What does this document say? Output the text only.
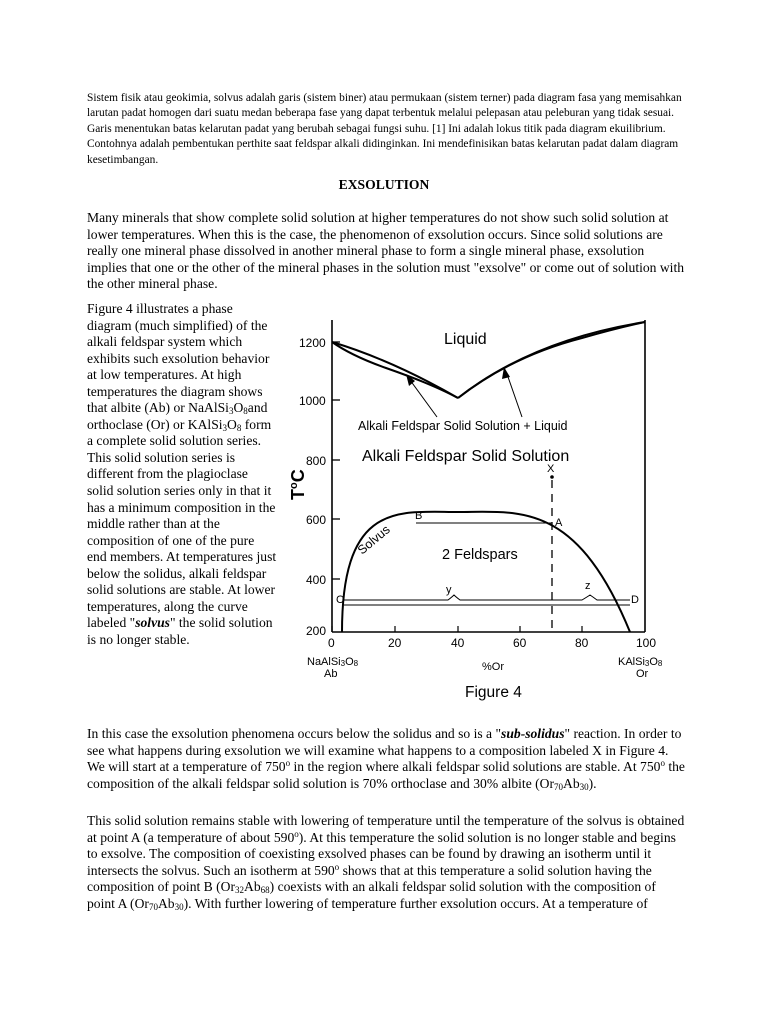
Sistem fisik atau geokimia, solvus adalah garis (sistem biner) atau permukaan (sistem terner) pada diagram fasa yang memisahkan larutan padat homogen dari suatu medan beberapa fase yang dapat terbentuk melalui pelepasan atau peleburan yang tidak sesuai. Garis menentukan batas kelarutan padat yang berubah sebagai fungsi suhu. [1] Ini adalah lokus titik pada diagram ekuilibrium. Contohnya adalah pembentukan perthite saat feldspar alkali didinginkan. Ini mendefinisikan batas kelarutan padat dalam diagram kesetimbangan.

EXSOLUTION

Many minerals that show complete solid solution at higher temperatures do not show such solid solution at lower temperatures. When this is the case, the phenomenon of exsolution occurs. Since solid solutions are really one mineral phase dissolved in another mineral phase to form a single mineral phase, exsolution implies that one or the other of the mineral phases in the solution must "exsolve" or come out of solution with the other mineral phase.

Figure 4 illustrates a phase diagram (much simplified) of the alkali feldspar system which exhibits such exsolution behavior at low temperatures. At high temperatures the diagram shows that albite (Ab) or $NaAlSi_3O_8and$ orthoclase (Or) or $KAlSi_3O_8$ form a complete solid solution series. This solid solution series is different from the plagioclase solid solution series only in that it has a minimum composition in the middle rather than at the composition of one of the pure end members. At temperatures just below the solidus, alkali feldspar solid solutions are stable. At lower temperatures, along the curve labeled "solvus" the solid solution is no longer stable.

1200
1000
800
600
400
200
$T^oC$
0	20	40	60	80	100
NaAlSi3O8
Ab
KAlSi3O8
Or
%Or
Liquid
Alkali Feldspar Solid Solution + Liquid
Alkali Feldspar Solid Solution
2 Feldspars
Solvus
B
A
X
C	D
y	z
Figure 4

In this case the exsolution phenomena occurs below the solidus and so is a "sub-solidus" reaction. In order to see what happens during exsolution we will examine what happens to a composition labeled X in Figure 4. We will start at a temperature of 750$^o$ in the region where alkali feldspar solid solutions are stable. At 750$^o$ the composition of the alkali feldspar solid solution is 70% orthoclase and 30% albite $(Or_{70}Ab_{30})$.

This solid solution remains stable with lowering of temperature until the temperature of the solvus is obtained at point A (a temperature of about 590$^o$). At this temperature the solid solution is no longer stable and begins to exsolve. The composition of coexisting exsolved phases can be found by drawing an isotherm until it intersects the solvus. Such an isotherm at 590$^o$ shows that at this temperature a solid solution having the composition of point B $(Or_{32}Ab_{68})$ coexists with an alkali feldspar solid solution with the composition of point A $(Or_{70}Ab_{30})$. With further lowering of temperature further exsolution occurs. At a temperature of
